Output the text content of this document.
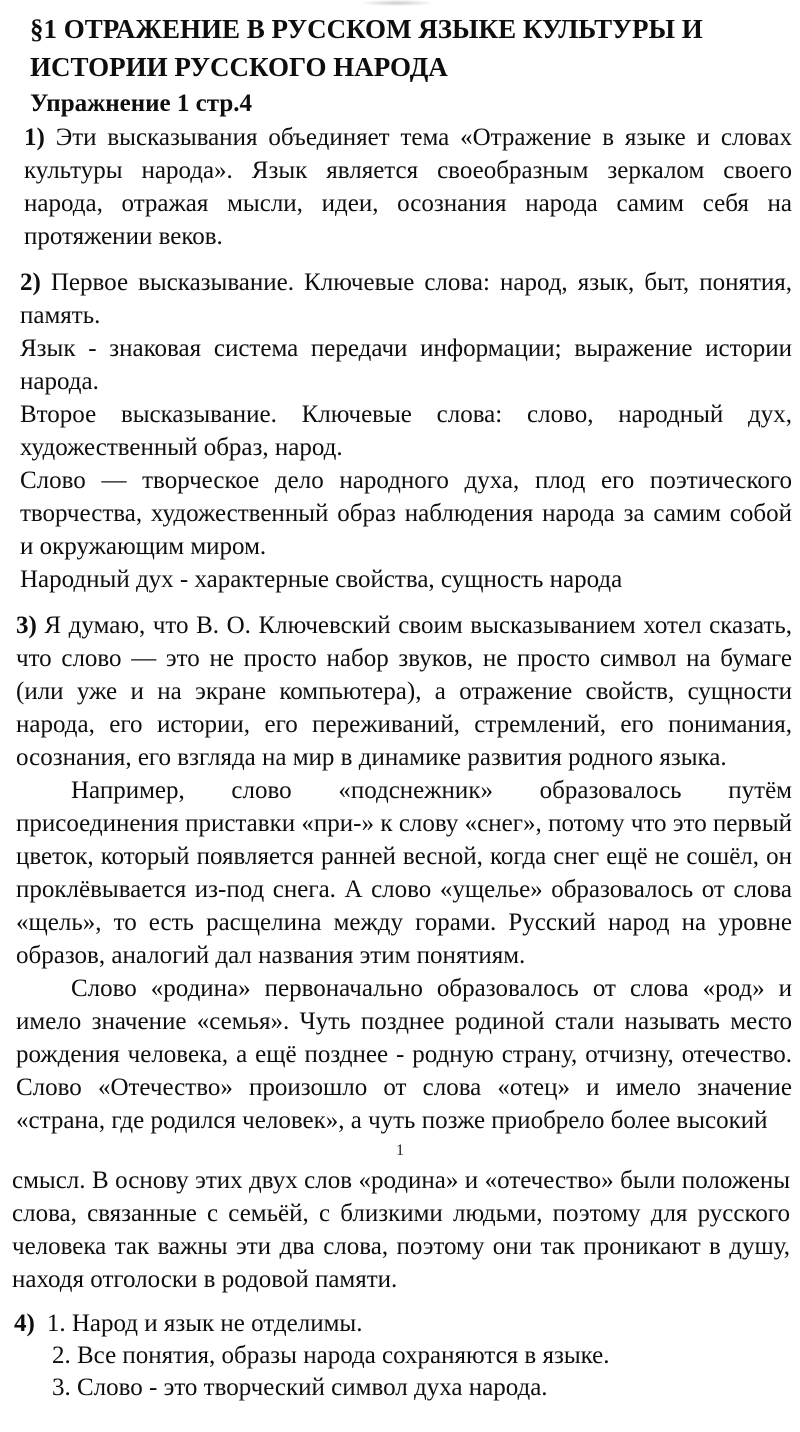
§1 ОТРАЖЕНИЕ В РУССКОМ ЯЗЫКЕ КУЛЬТУРЫ И ИСТОРИИ РУССКОГО НАРОДА

Упражнение 1 стр.4

1) Эти высказывания объединяет тема «Отражение в языке и словах культуры народа». Язык является своеобразным зеркалом своего народа, отражая мысли, идеи, осознания народа самим себя на протяжении веков.

2) Первое высказывание. Ключевые слова: народ, язык, быт, понятия, память.

Язык - знаковая система передачи информации; выражение истории народа.

Второе высказывание. Ключевые слова: слово, народный дух, художественный образ, народ.

Слово — творческое дело народного духа, плод его поэтического творчества, художественный образ наблюдения народа за самим собой и окружающим миром.

Народный дух - характерные свойства, сущность народа

3) Я думаю, что В. О. Ключевский своим высказыванием хотел сказать, что слово — это не просто набор звуков, не просто символ на бумаге (или уже и на экране компьютера), а отражение свойств, сущности народа, его истории, его переживаний, стремлений, его понимания, осознания, его взгляда на мир в динамике развития родного языка.

Например, слово «подснежник» образовалось путём присоединения приставки «при-» к слову «снег», потому что это первый цветок, который появляется ранней весной, когда снег ещё не сошёл, он проклёвывается из-под снега. А слово «ущелье» образовалось от слова «щель», то есть расщелина между горами. Русский народ на уровне образов, аналогий дал названия этим понятиям.

Слово «родина» первоначально образовалось от слова «род» и имело значение «семья». Чуть позднее родиной стали называть место рождения человека, а ещё позднее - родную страну, отчизну, отечество. Слово «Отечество» произошло от слова «отец» и имело значение «страна, где родился человек», а чуть позже приобрело более высокий

1

смысл. В основу этих двух слов «родина» и «отечество» были положены слова, связанные с семьёй, с близкими людьми, поэтому для русского человека так важны эти два слова, поэтому они так проникают в душу, находя отголоски в родовой памяти.

4) 1. Народ и язык не отделимы.

2. Все понятия, образы народа сохраняются в языке.

3. Слово - это творческий символ духа народа.
